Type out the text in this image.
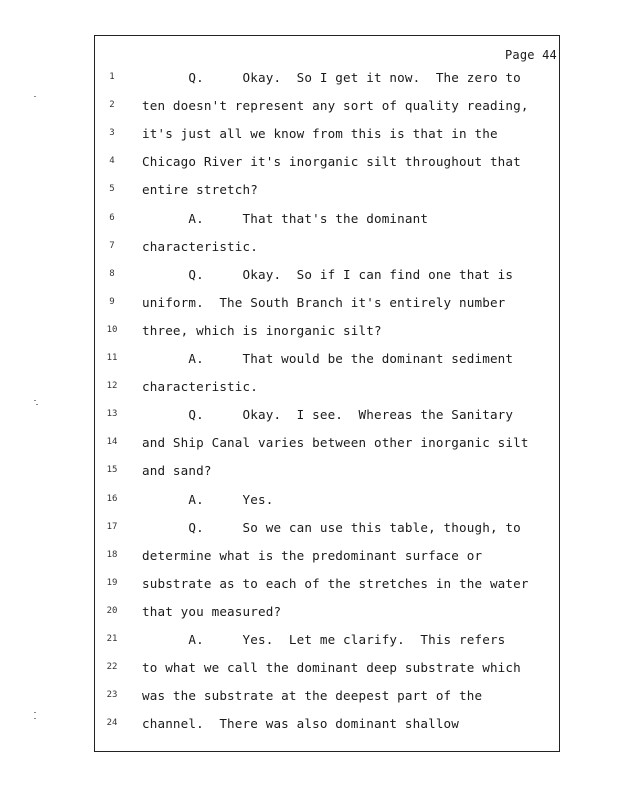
Page 44
1	Q.     Okay.  So I get it now.  The zero to
2	ten doesn't represent any sort of quality reading,
3	it's just all we know from this is that in the
4	Chicago River it's inorganic silt throughout that
5	entire stretch?
6	A.     That that's the dominant
7	characteristic.
8	Q.     Okay.  So if I can find one that is
9	uniform.  The South Branch it's entirely number
10	three, which is inorganic silt?
11	A.     That would be the dominant sediment
12	characteristic.
13	Q.     Okay.  I see.  Whereas the Sanitary
14	and Ship Canal varies between other inorganic silt
15	and sand?
16	A.     Yes.
17	Q.     So we can use this table, though, to
18	determine what is the predominant surface or
19	substrate as to each of the stretches in the water
20	that you measured?
21	A.     Yes.  Let me clarify.  This refers
22	to what we call the dominant deep substrate which
23	was the substrate at the deepest part of the
24	channel.  There was also dominant shallow
